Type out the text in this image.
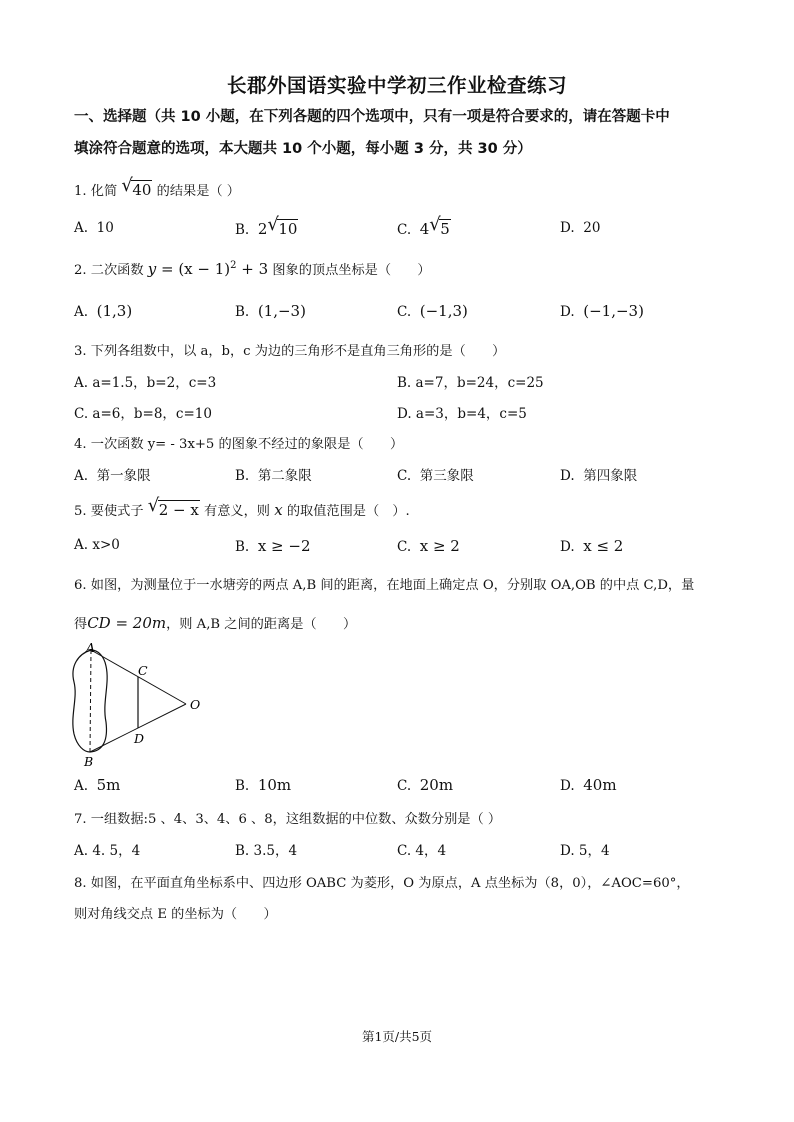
长郡外国语实验中学初三作业检查练习
一、选择题（共 10 小题，在下列各题的四个选项中，只有一项是符合要求的，请在答题卡中
填涂符合题意的选项，本大题共 10 个小题，每小题 3 分，共 30 分）
1. 化简 √ 40 的结果是（ ）
A. 10	B. 2 √ 10	C. 4 √ 5	D. 20
2. 二次函数 $y = (x - 1)^2 + 3$ 图象的顶点坐标是（　　）
A. (1,3)	B. (1,−3)	C. (−1,3)	D. (−1,−3)
3. 下列各组数中，以 a，b，c 为边的三角形不是直角三角形的是（　　）
A. a=1.5，b=2，c=3	B. a=7，b=24，c=25
C. a=6，b=8，c=10	D. a=3，b=4，c=5
4. 一次函数 y= - 3x+5 的图象不经过的象限是（　　）
A. 第一象限	B. 第二象限	C. 第三象限	D. 第四象限
5. 要使式子 √ 2 − x 有意义，则 x 的取值范围是（　）.
A. x>0	B. x ≥ −2	C. x ≥ 2	D. x ≤ 2
6. 如图，为测量位于一水塘旁的两点 A,B 间的距离，在地面上确定点 O，分别取 OA,OB 的中点 C,D，量
得CD = 20m，则 A,B 之间的距离是（　　）
A
B
C
D
O
A. 5m	B. 10m	C. 20m	D. 40m
7. 一组数据:5 、4、3、4、6 、8，这组数据的中位数、众数分别是（ ）
A. 4. 5，4	B. 3.5，4	C. 4，4	D. 5，4
8. 如图，在平面直角坐标系中、四边形 OABC 为菱形，O 为原点，A 点坐标为（8，0），∠AOC=60°，
则对角线交点 E 的坐标为（　　）
第1页/共5页
